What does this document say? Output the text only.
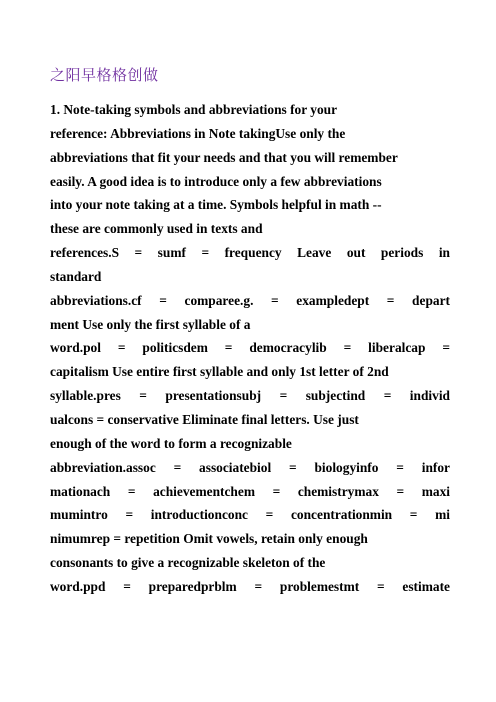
之阳早格格创做
1. Note-taking symbols and abbreviations for your
reference: Abbreviations in Note takingUse only the
abbreviations that fit your needs and that you will remember
easily. A good idea is to introduce only a few abbreviations
into your note taking at a time. Symbols helpful in math --
these are commonly used in texts and
references.S = sumf = frequency Leave out periods in
standard
abbreviations.cf = comparee.g. = exampledept = depart
ment Use only the first syllable of a
word.pol = politicsdem = democracylib = liberalcap =
capitalism Use entire first syllable and only 1st letter of 2nd
syllable.pres = presentationsubj = subjectind = individ
ualcons = conservative Eliminate final letters. Use just
enough of the word to form a recognizable
abbreviation.assoc = associatebiol = biologyinfo = infor
mationach = achievementchem = chemistrymax = maxi
mumintro = introductionconc = concentrationmin = mi
nimumrep = repetition Omit vowels, retain only enough
consonants to give a recognizable skeleton of the
word.ppd = preparedprblm = problemestmt = estimate
